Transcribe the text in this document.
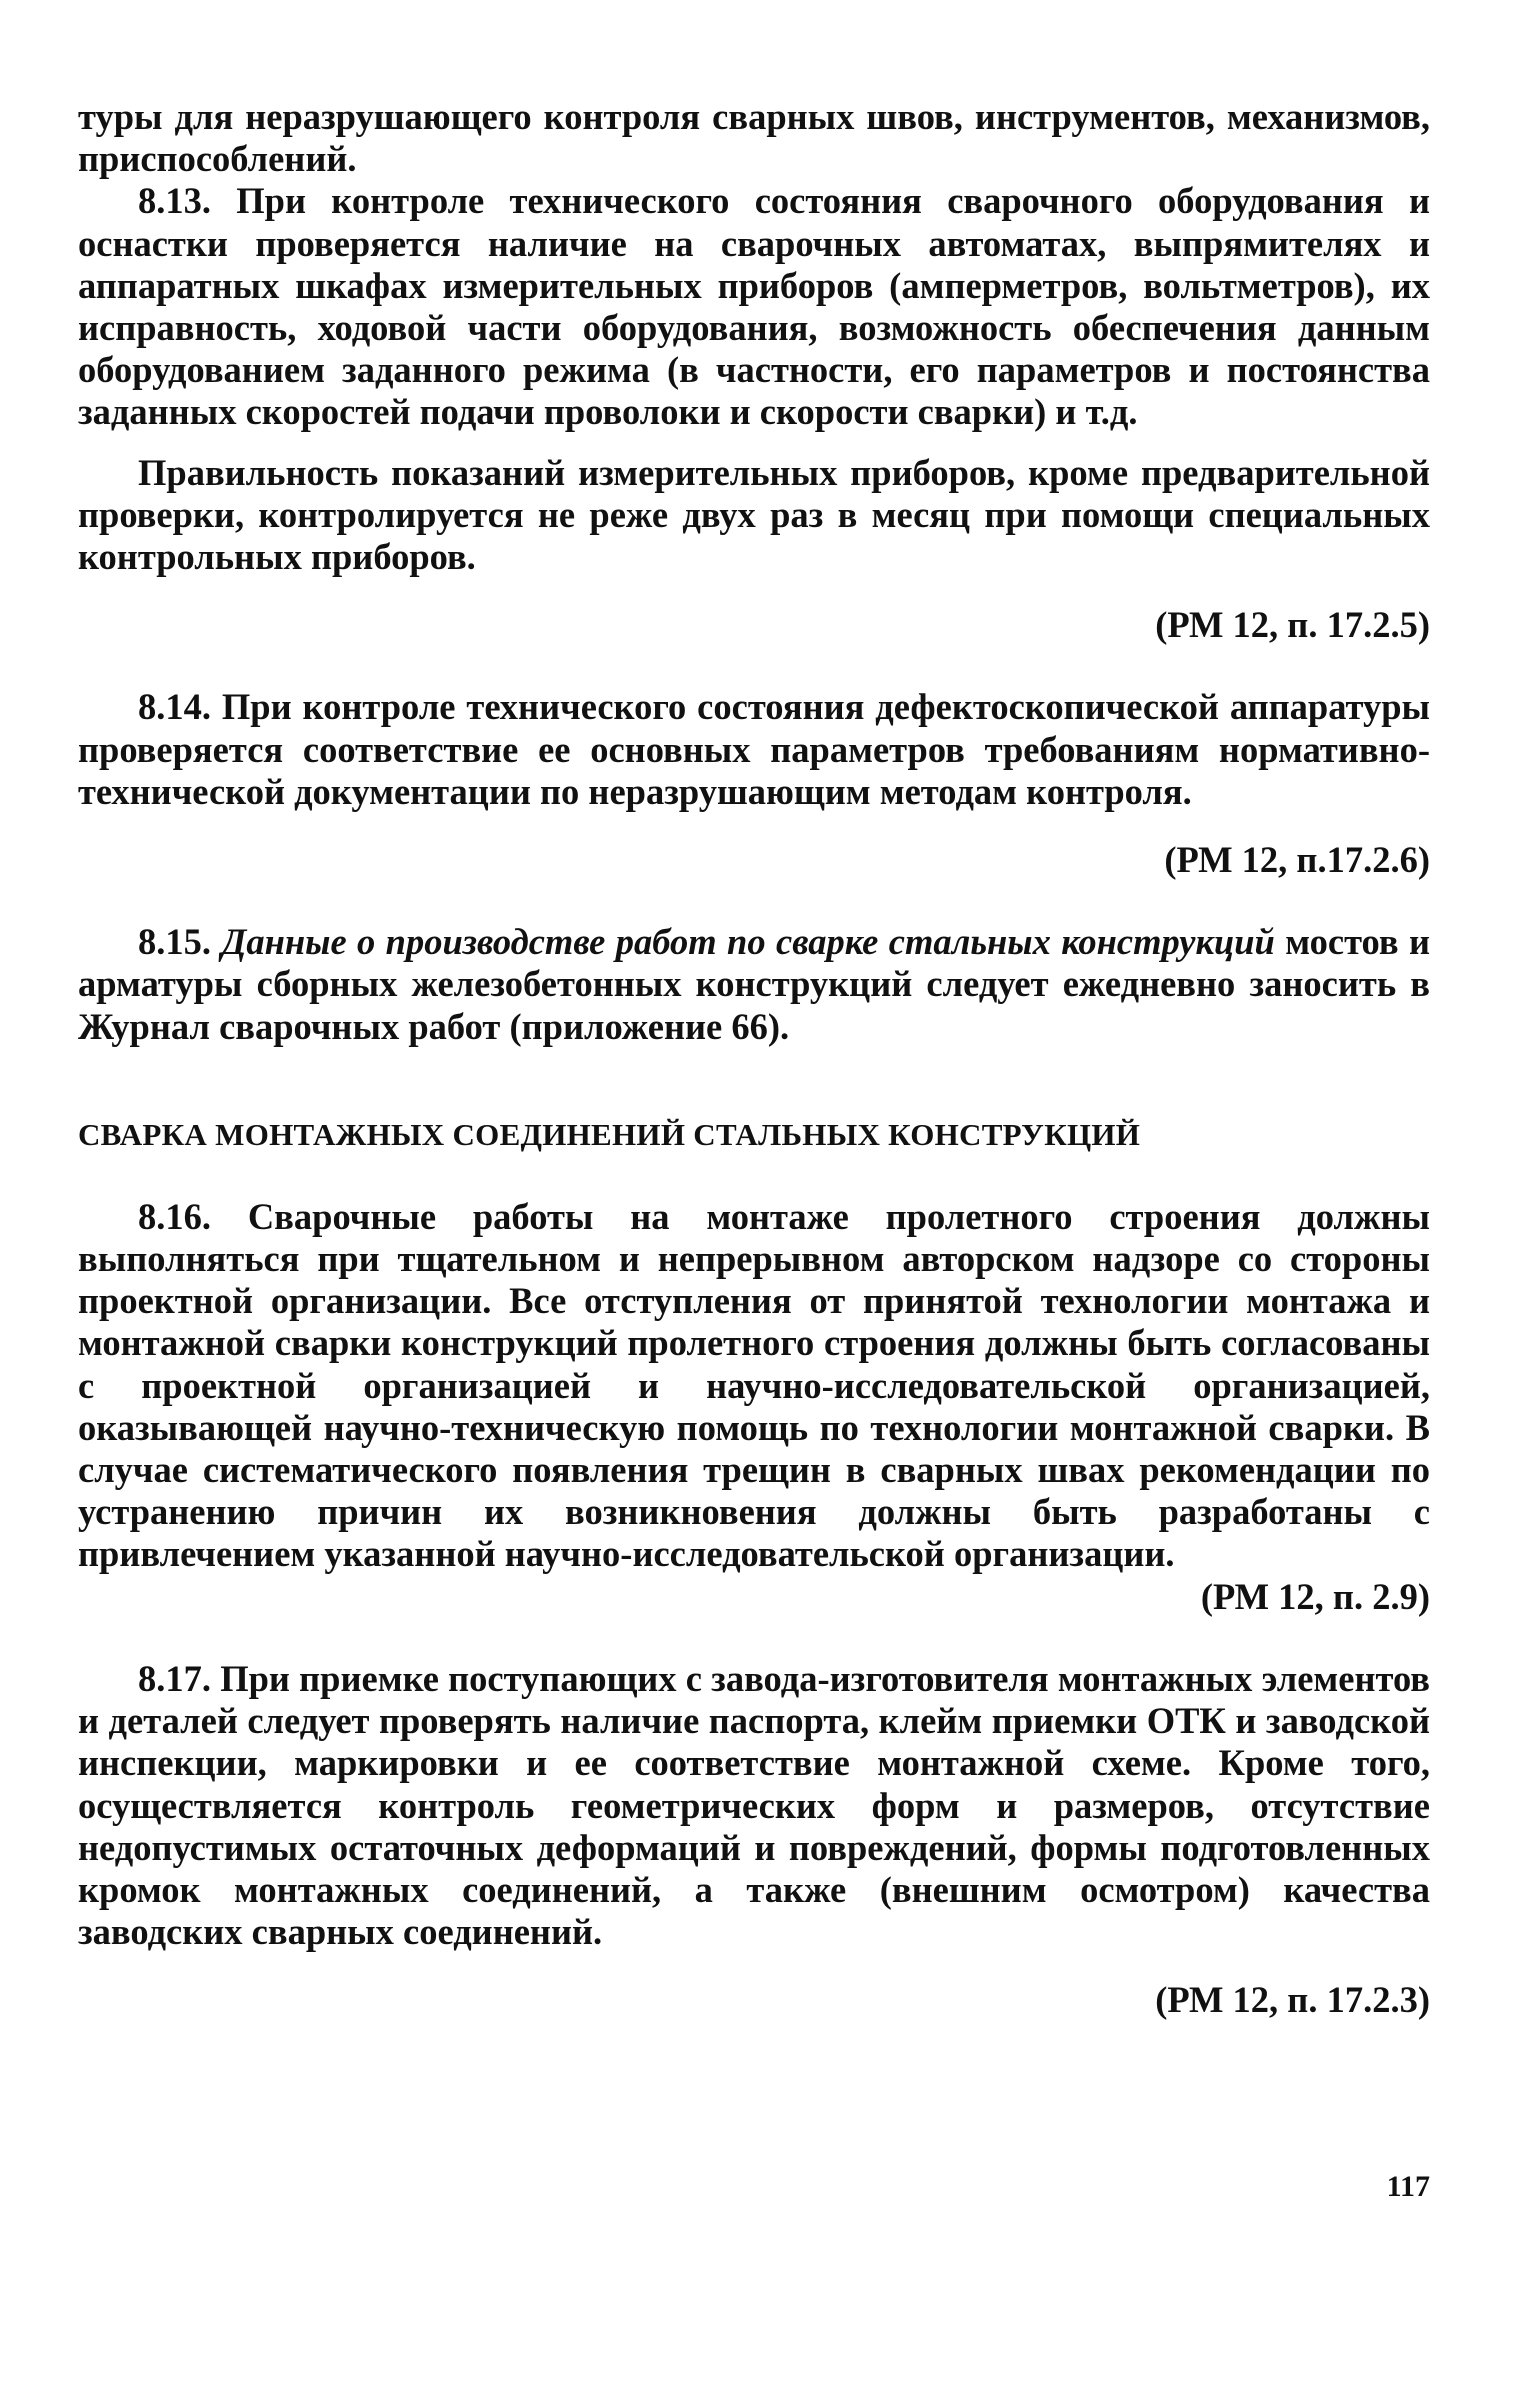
туры для неразрушающего контроля сварных швов, инструментов, механизмов, приспособлений.

8.13. При контроле технического состояния сварочного оборудования и оснастки проверяется наличие на сварочных автоматах, выпрямителях и аппаратных шкафах измерительных приборов (амперметров, вольтметров), их исправность, ходовой части оборудования, возможность обеспечения данным оборудованием заданного режима (в частности, его параметров и постоянства заданных скоростей подачи проволоки и скорости сварки) и т.д.

Правильность показаний измерительных приборов, кроме предварительной проверки, контролируется не реже двух раз в месяц при помощи специальных контрольных приборов.

(РМ 12, п. 17.2.5)

8.14. При контроле технического состояния дефектоскопической аппаратуры проверяется соответствие ее основных параметров требованиям нормативно-технической документации по неразрушающим методам контроля.

(РМ 12, п.17.2.6)

8.15. Данные о производстве работ по сварке стальных конструкций мостов и арматуры сборных железобетонных конструкций следует ежедневно заносить в Журнал сварочных работ (приложение 66).

СВАРКА МОНТАЖНЫХ СОЕДИНЕНИЙ СТАЛЬНЫХ КОНСТРУКЦИЙ

8.16. Сварочные работы на монтаже пролетного строения должны выполняться при тщательном и непрерывном авторском надзоре со стороны проектной организации. Все отступления от принятой технологии монтажа и монтажной сварки конструкций пролетного строения должны быть согласованы с проектной организацией и научно-исследовательской организацией, оказывающей научно-техническую помощь по технологии монтажной сварки. В случае систематического появления трещин в сварных швах рекомендации по устранению причин их возникновения должны быть разработаны с привлечением указанной научно-исследовательской организации.

(РМ 12, п. 2.9)

8.17. При приемке поступающих с завода-изготовителя монтажных элементов и деталей следует проверять наличие паспорта, клейм приемки ОТК и заводской инспекции, маркировки и ее соответствие монтажной схеме. Кроме того, осуществляется контроль геометрических форм и размеров, отсутствие недопустимых остаточных деформаций и повреждений, формы подготовленных кромок монтажных соединений, а также (внешним осмотром) качества заводских сварных соединений.

(РМ 12, п. 17.2.3)

117
